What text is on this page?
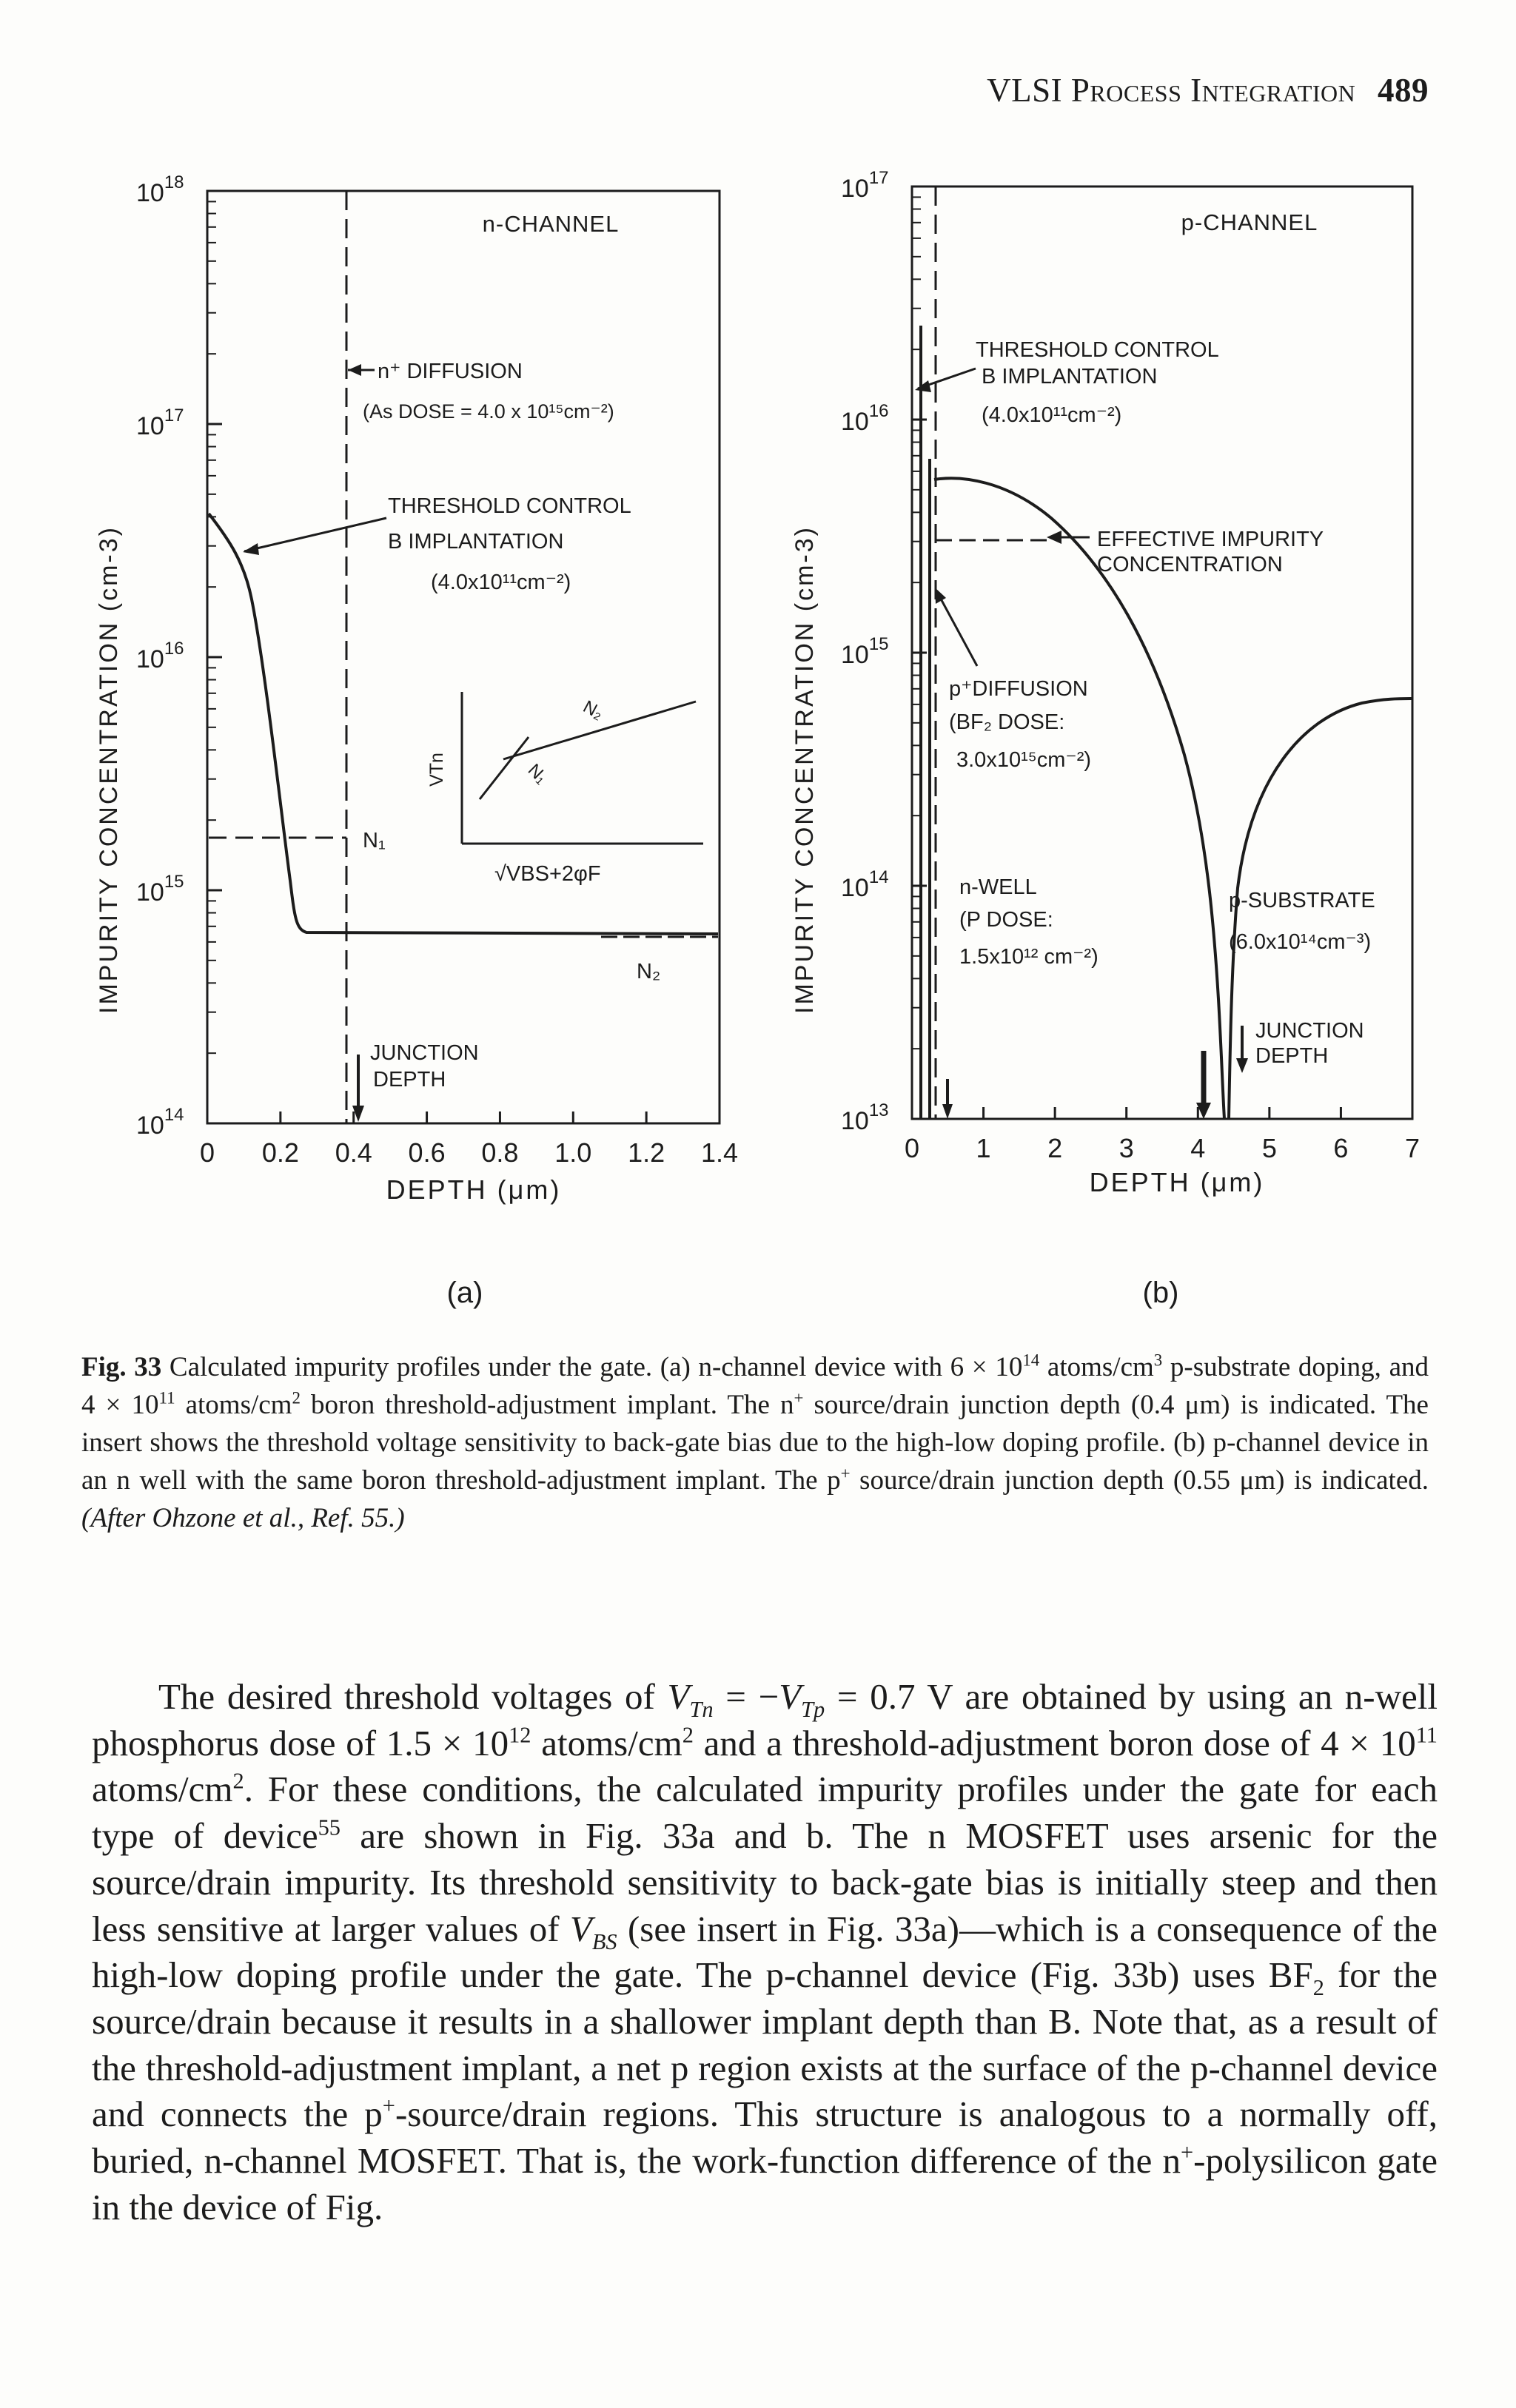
VLSI Process Integration 489
$10^{18}$
$10^{17}$
$10^{16}$
$10^{15}$
$10^{14}$
0 0.2 0.4 0.6 0.8 1.0 1.2 1.4
IMPURITY CONCENTRATION (cm-3)
DEPTH (μm)
n-CHANNEL
n⁺ DIFFUSION
(As DOSE = 4.0 x 10¹⁵cm⁻²)
THRESHOLD CONTROL
B IMPLANTATION
(4.0x10¹¹cm⁻²)
N₁
N₂
JUNCTION
DEPTH
VTn
√VBS+2φF
N₁
N₂
(a)
$10^{17}$
$10^{16}$
$10^{15}$
$10^{14}$
$10^{13}$
0 1 2 3 4 5 6 7
IMPURITY CONCENTRATION (cm-3)
DEPTH (μm)
p-CHANNEL
THRESHOLD CONTROL
B IMPLANTATION
(4.0x10¹¹cm⁻²)
EFFECTIVE IMPURITY
CONCENTRATION
p⁺DIFFUSION
(BF₂ DOSE:
3.0x10¹⁵cm⁻²)
n-WELL
(P DOSE:
1.5x10¹² cm⁻²)
p-SUBSTRATE
(6.0x10¹⁴cm⁻³)
JUNCTION
DEPTH
(b)
Fig. 33 Calculated impurity profiles under the gate. (a) n-channel device with $6 \times 10^{14}$ atoms/$cm^3$ p-substrate doping, and $4 \times 10^{11}$ atoms/$cm^2$ boron threshold-adjustment implant. The n+ source/drain junction depth (0.4 μm) is indicated. The insert shows the threshold voltage sensitivity to back-gate bias due to the high-low doping profile. (b) p-channel device in an n well with the same boron threshold-adjustment implant. The p+ source/drain junction depth (0.55 μm) is indicated. (After Ohzone et al., Ref. 55.)

The desired threshold voltages of $V_{Tn} = -V_{Tp} = 0.7$ V are obtained by using an n-well phosphorus dose of $1.5 \times 10^{12}$ atoms/$cm^2$ and a threshold-adjustment boron dose of $4 \times 10^{11}$ atoms/$cm^2$. For these conditions, the calculated impurity profiles under the gate for each type of device$^{55}$ are shown in Fig. 33a and b. The n MOSFET uses arsenic for the source/drain impurity. Its threshold sensitivity to back-gate bias is initially steep and then less sensitive at larger values of $V_{BS}$ (see insert in Fig. 33a)—which is a consequence of the high-low doping profile under the gate. The p-channel device (Fig. 33b) uses $BF_2$ for the source/drain because it results in a shallower implant depth than B. Note that, as a result of the threshold-adjustment implant, a net p region exists at the surface of the p-channel device and connects the p+-source/drain regions. This structure is analogous to a normally off, buried, n-channel MOSFET. That is, the work-function difference of the n+-polysilicon gate in the device of Fig.
